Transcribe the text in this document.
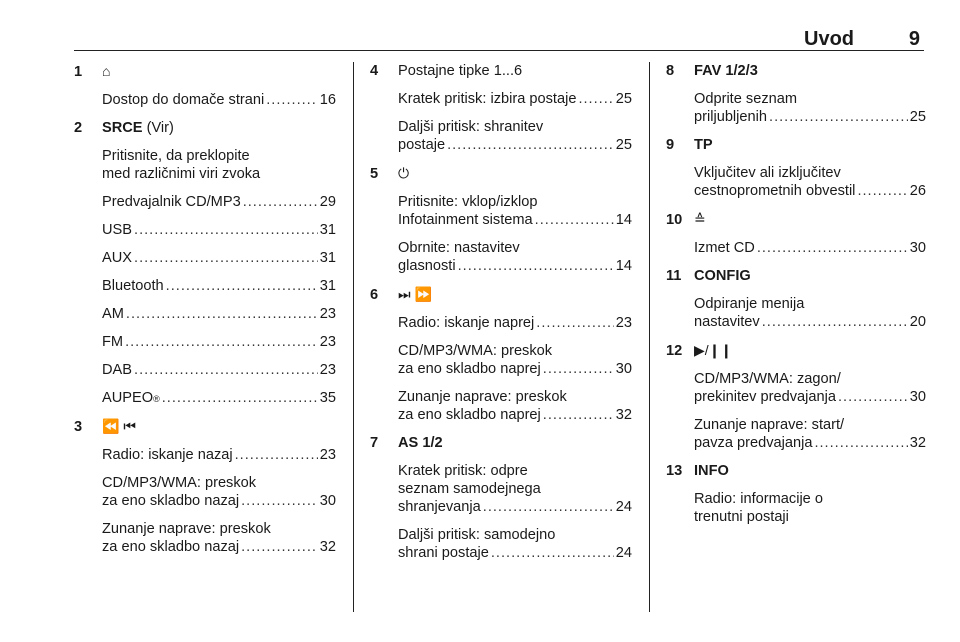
Uvod	9
1	⌂
Dostop do domače strani .....	16
2	SRCE (Vir)
Pritisnite, da preklopite
med različnimi viri zvoka
Predvajalnik CD/MP3 .....	29
USB .....	31
AUX .....	31
Bluetooth .....	31
AM .....	23
FM .....	23
DAB .....	23
AUPEO ® .....	35
3	⏪ ⏮
Radio: iskanje nazaj .....	23
CD/MP3/WMA: preskok
za eno skladbo nazaj .....	30
Zunanje naprave: preskok
za eno skladbo nazaj .....	32
4	Postajne tipke 1...6
Kratek pritisk: izbira postaje .....	25
Daljši pritisk: shranitev
postaje .....	25
5	⏻
Pritisnite: vklop/izklop
Infotainment sistema .....	14
Obrnite: nastavitev
glasnosti .....	14
6	⏭ ⏩
Radio: iskanje naprej .....	23
CD/MP3/WMA: preskok
za eno skladbo naprej .....	30
Zunanje naprave: preskok
za eno skladbo naprej .....	32
7	AS 1/2
Kratek pritisk: odpre
seznam samodejnega
shranjevanja .....	24
Daljši pritisk: samodejno
shrani postaje .....	24
8	FAV 1/2/3
Odprite seznam
priljubljenih .....	25
9	TP
Vključitev ali izključitev
cestnoprometnih obvestil .....	26
10 ≙
Izmet CD .....	30
11 CONFIG
Odpiranje menija
nastavitev .....	20
12 ▶/❙❙
CD/MP3/WMA: zagon/
prekinitev predvajanja .....	30
Zunanje naprave: start/
pavza predvajanja .....	32
13 INFO
Radio: informacije o
trenutni postaji
